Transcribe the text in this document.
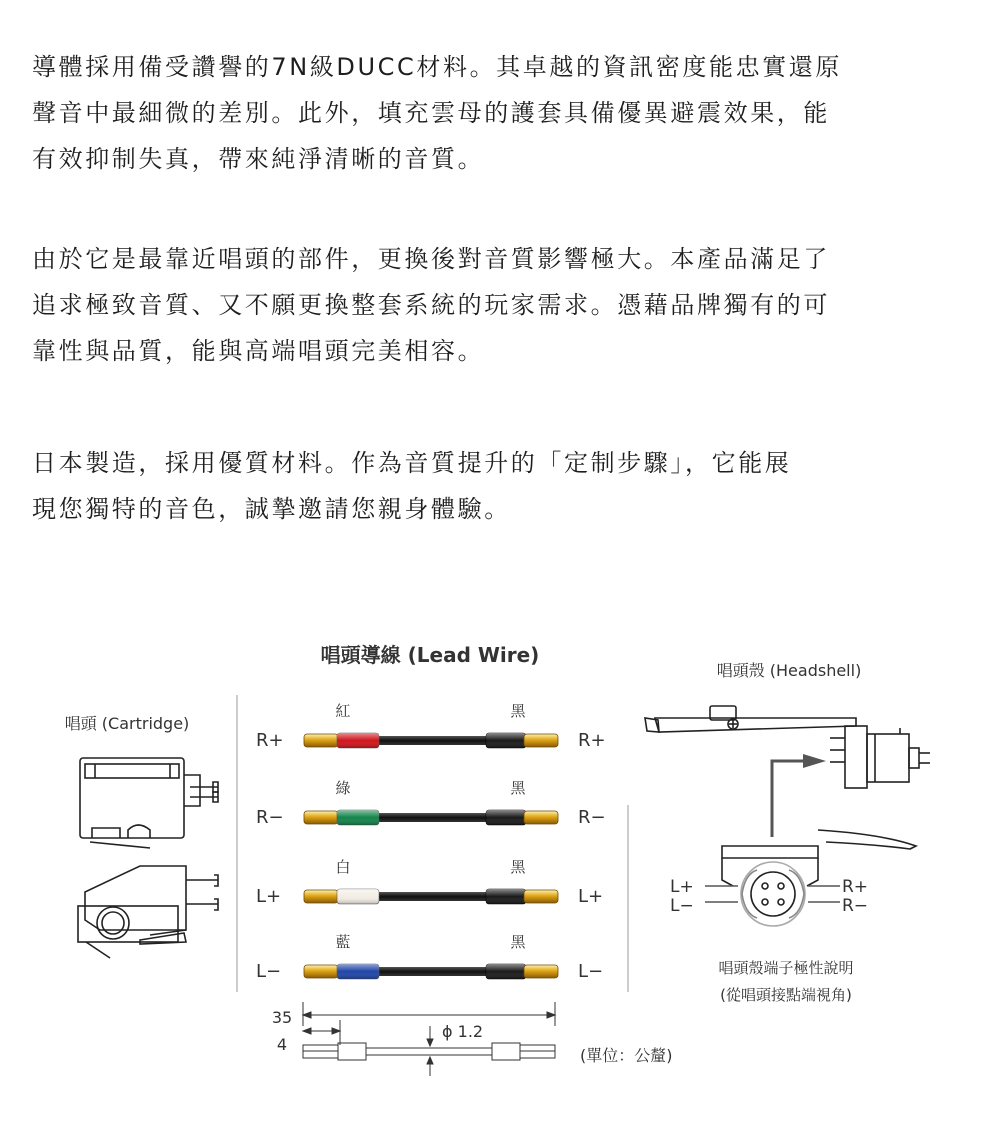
導體採用備受讚譽的7N級DUCC材料。其卓越的資訊密度能忠實還原
聲音中最細微的差別。此外，填充雲母的護套具備優異避震效果，能
有效抑制失真，帶來純淨清晰的音質。
由於它是最靠近唱頭的部件，更換後對音質影響極大。本產品滿足了
追求極致音質、又不願更換整套系統的玩家需求。憑藉品牌獨有的可
靠性與品質，能與高端唱頭完美相容。
日本製造，採用優質材料。作為音質提升的「定制步驟」，它能展
現您獨特的音色，誠摯邀請您親身體驗。
唱頭導線 (Lead Wire)
唱頭 (Cartridge)
唱頭殼 (Headshell)
R+	R+
紅	黑
R−	R−
綠	黑
L+	L+
白	黑
L−	L−
藍	黑
L+
L−
R+
R−
唱頭殼端子極性說明
(從唱頭接點端視角)
35
4
ϕ 1.2
(單位：公釐)
